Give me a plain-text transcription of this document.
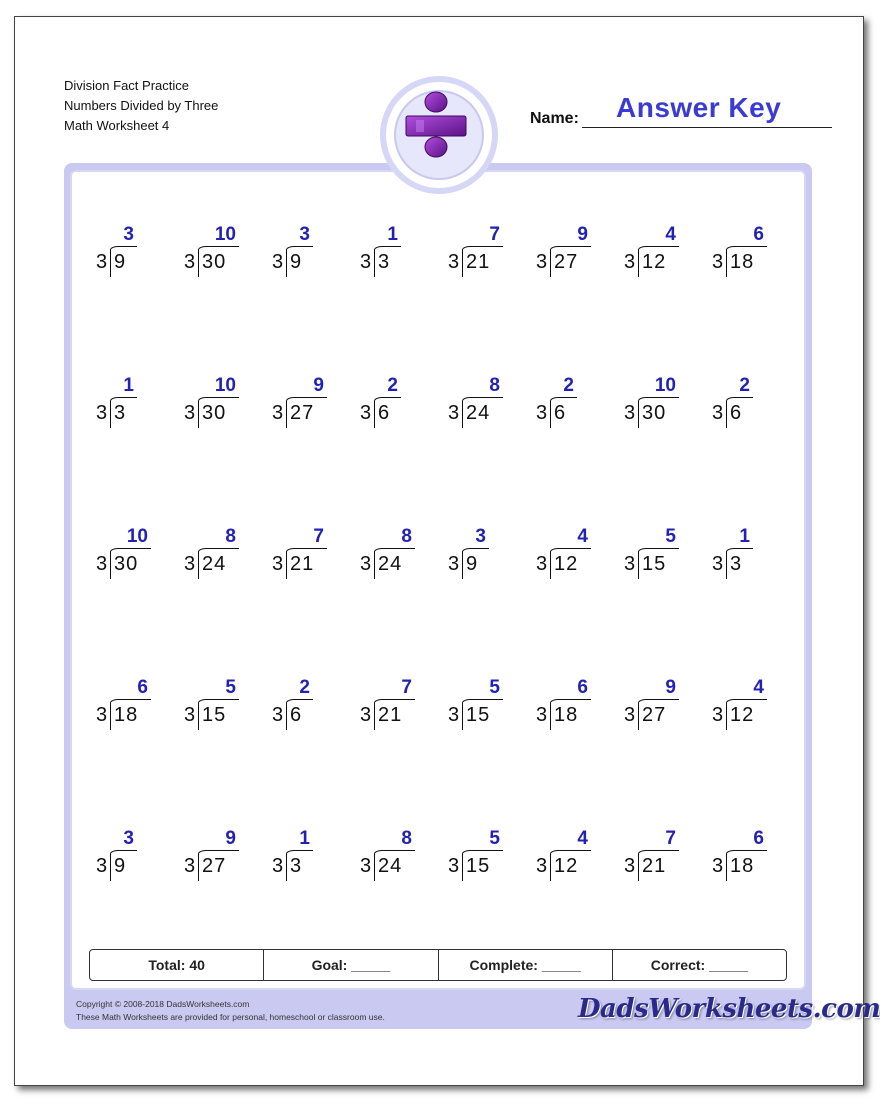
Division Fact Practice
Numbers Divided by Three
Math Worksheet 4	Name: Answer Key
3
3 9
10
3 30
3
3 9
1
3 3
7
3 21
9
3 27
4
3 12
6
3 18
1
3 3
10
3 30
9
3 27
2
3 6
8
3 24
2
3 6
10
3 30
2
3 6
10
3 30
8
3 24
7
3 21
8
3 24
3
3 9
4
3 12
5
3 15
1
3 3
6
3 18
5
3 15
2
3 6
7
3 21
5
3 15
6
3 18
9
3 27
4
3 12
3
3 9
9
3 27
1
3 3
8
3 24
5
3 15
4
3 12
7
3 21
6
3 18
Total: 40	Goal: _____	Complete: _____	Correct: _____
Copyright © 2008-2018 DadsWorksheets.com
These Math Worksheets are provided for personal, homeschool or classroom use.	DadsWorksheets.com
